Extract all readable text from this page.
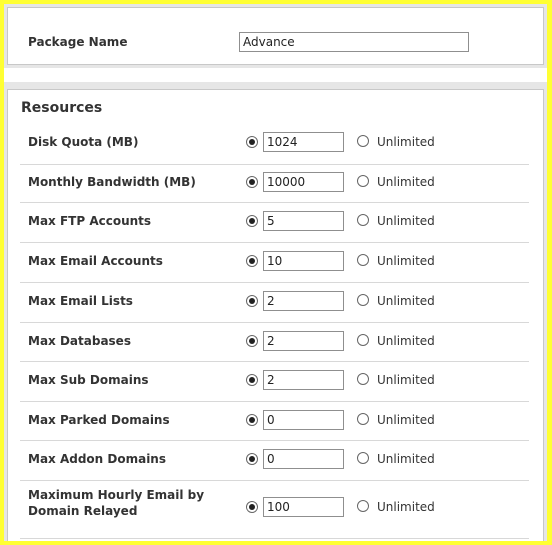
Package Name
Advance
Resources
Disk Quota (MB)
1024	Unlimited
Monthly Bandwidth (MB)
10000	Unlimited
Max FTP Accounts
5	Unlimited
Max Email Accounts
10	Unlimited
Max Email Lists
2	Unlimited
Max Databases
2	Unlimited
Max Sub Domains
2	Unlimited
Max Parked Domains
0	Unlimited
Max Addon Domains
0	Unlimited
Maximum Hourly Email by Domain Relayed
100	Unlimited
